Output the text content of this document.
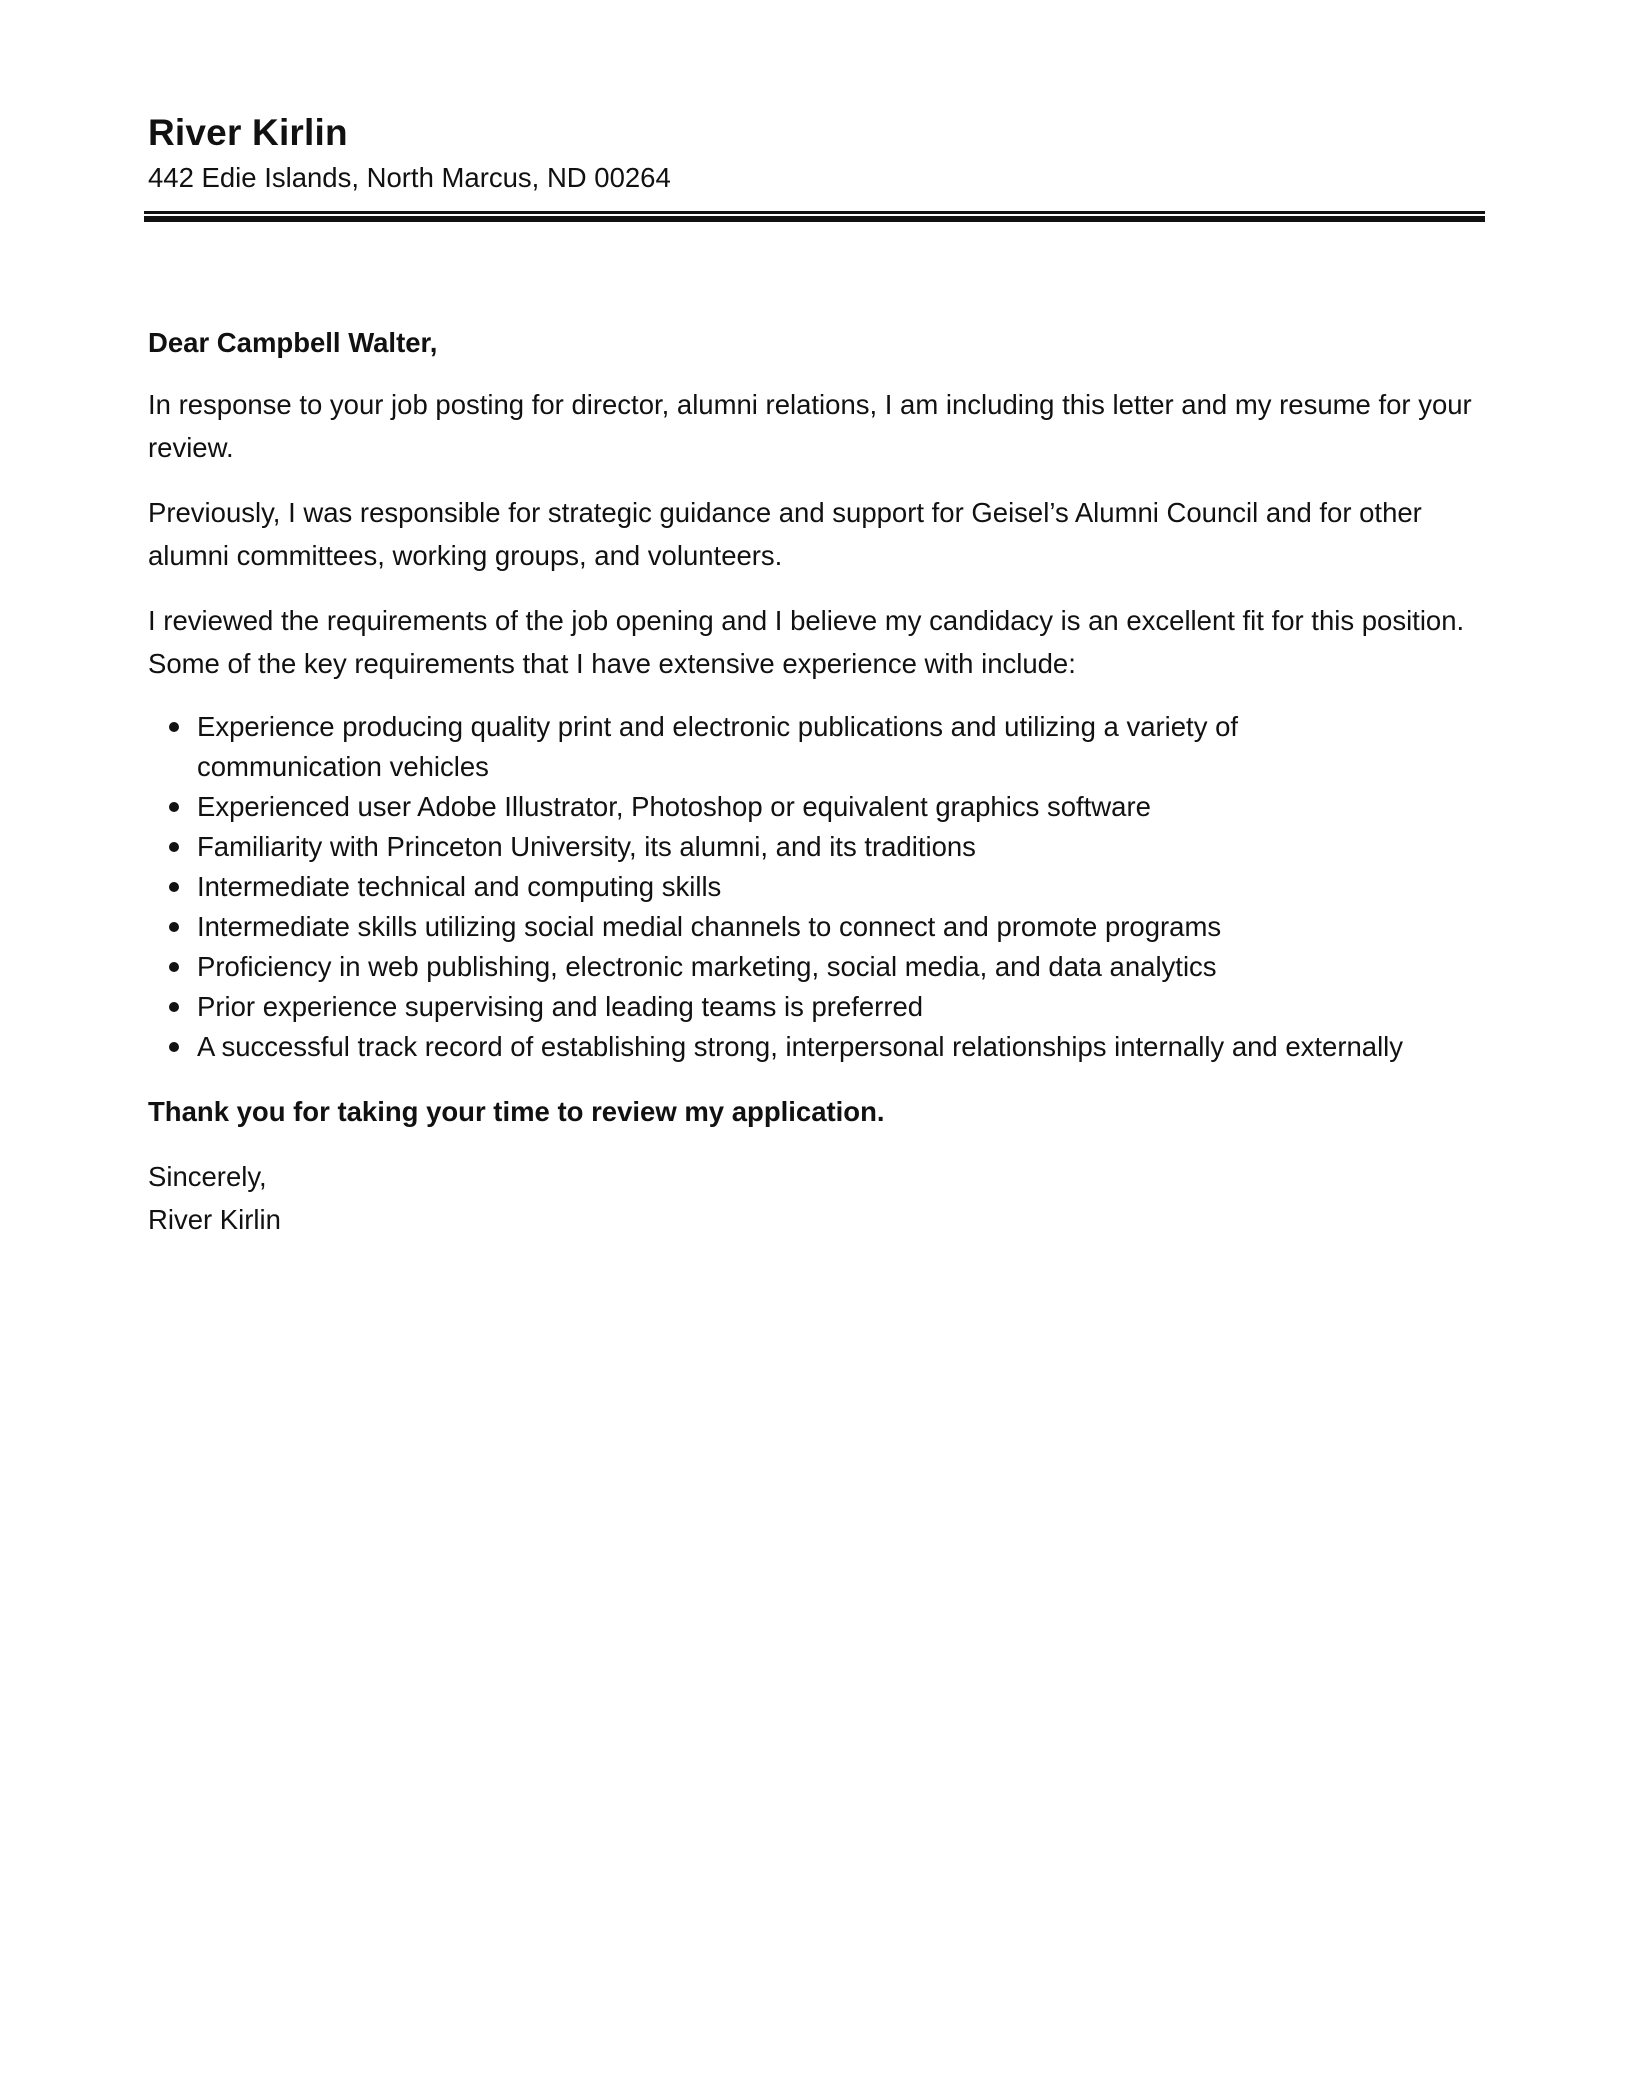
River Kirlin

442 Edie Islands, North Marcus, ND 00264

Dear Campbell Walter,

In response to your job posting for director, alumni relations, I am including this letter and my resume for your review.

Previously, I was responsible for strategic guidance and support for Geisel’s Alumni Council and for other alumni committees, working groups, and volunteers.

I reviewed the requirements of the job opening and I believe my candidacy is an excellent fit for this position. Some of the key requirements that I have extensive experience with include:

Experience producing quality print and electronic publications and utilizing a variety of communication vehicles
Experienced user Adobe Illustrator, Photoshop or equivalent graphics software
Familiarity with Princeton University, its alumni, and its traditions
Intermediate technical and computing skills
Intermediate skills utilizing social medial channels to connect and promote programs
Proficiency in web publishing, electronic marketing, social media, and data analytics
Prior experience supervising and leading teams is preferred
A successful track record of establishing strong, interpersonal relationships internally and externally

Thank you for taking your time to review my application.

Sincerely,
River Kirlin
